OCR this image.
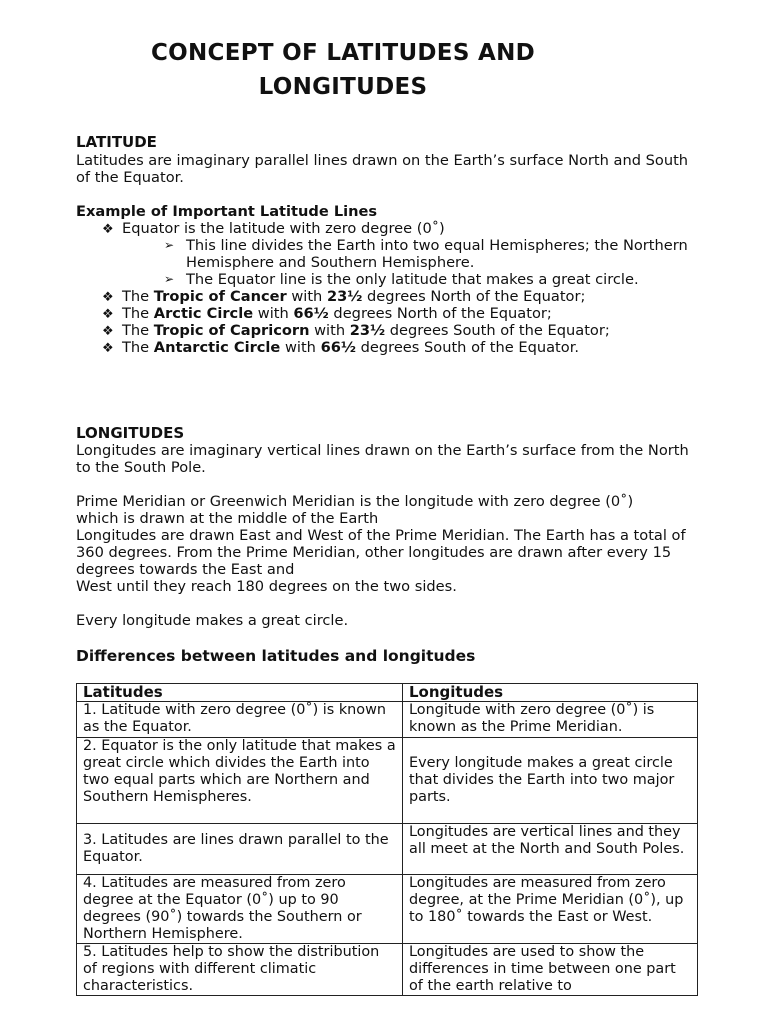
CONCEPT OF LATITUDES AND LONGITUDES
LATITUDE

Latitudes are imaginary parallel lines drawn on the Earth’s surface North and South of the Equator.

Example of Important Latitude Lines
❖ Equator is the latitude with zero degree (0˚)
➢ This line divides the Earth into two equal Hemispheres; the Northern Hemisphere and Southern Hemisphere.
➢ The Equator line is the only latitude that makes a great circle.
❖ The Tropic of Cancer with 23½ degrees North of the Equator;
❖ The Arctic Circle with 66½ degrees North of the Equator;
❖ The Tropic of Capricorn with 23½ degrees South of the Equator;
❖ The Antarctic Circle with 66½ degrees South of the Equator.
LONGITUDES

Longitudes are imaginary vertical lines drawn on the Earth’s surface from the North to the South Pole.

Prime Meridian or Greenwich Meridian is the longitude with zero degree (0˚)

which is drawn at the middle of the Earth

Longitudes are drawn East and West of the Prime Meridian. The Earth has a total of 360 degrees. From the Prime Meridian, other longitudes are drawn after every 15 degrees towards the East and

West until they reach 180 degrees on the two sides.

Every longitude makes a great circle.

Differences between latitudes and longitudes
Latitudes	Longitudes
1. Latitude with zero degree (0˚) is known as the Equator.	Longitude with zero degree (0˚) is known as the Prime Meridian.
2. Equator is the only latitude that makes a great circle which divides the Earth into two equal parts which are Northern and Southern Hemispheres.	Every longitude makes a great circle that divides the Earth into two major parts.
3. Latitudes are lines drawn parallel to the Equator.	Longitudes are vertical lines and they all meet at the North and South Poles.
4. Latitudes are measured from zero degree at the Equator (0˚) up to 90 degrees (90˚) towards the Southern or Northern Hemisphere.	Longitudes are measured from zero degree, at the Prime Meridian (0˚), up to 180˚ towards the East or West.
5. Latitudes help to show the distribution of regions with different climatic characteristics.	Longitudes are used to show the differences in time between one part of the earth relative to
